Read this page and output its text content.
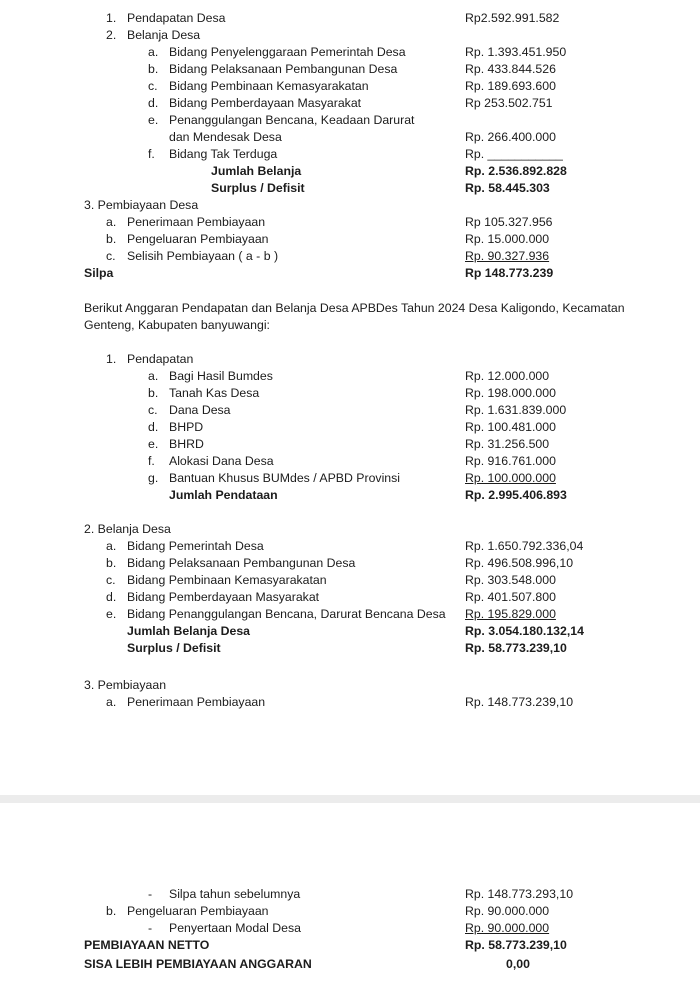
1. Pendapatan Desa	Rp2.592.991.582
2. Belanja Desa
a. Bidang Penyelenggaraan Pemerintah Desa	Rp. 1.393.451.950
b. Bidang Pelaksanaan Pembangunan Desa	Rp. 433.844.526
c. Bidang Pembinaan Kemasyarakatan	Rp. 189.693.600
d. Bidang Pemberdayaan Masyarakat	Rp 253.502.751
e. Penanggulangan Bencana, Keadaan Darurat
dan Mendesak Desa	Rp. 266.400.000
f. Bidang Tak Terduga	Rp. ___________
Jumlah Belanja	Rp. 2.536.892.828
Surplus / Defisit	Rp. 58.445.303
3. Pembiayaan Desa
a. Penerimaan Pembiayaan	Rp 105.327.956
b. Pengeluaran Pembiayaan	Rp. 15.000.000
c. Selisih Pembiayaan ( a - b )	Rp. 90.327.936
Silpa	Rp 148.773.239
Berikut Anggaran Pendapatan dan Belanja Desa APBDes Tahun 2024 Desa Kaligondo, Kecamatan Genteng, Kabupaten banyuwangi:
1. Pendapatan
a. Bagi Hasil Bumdes	Rp. 12.000.000
b. Tanah Kas Desa	Rp. 198.000.000
c. Dana Desa	Rp. 1.631.839.000
d. BHPD	Rp. 100.481.000
e. BHRD	Rp. 31.256.500
f. Alokasi Dana Desa	Rp. 916.761.000
g. Bantuan Khusus BUMdes / APBD Provinsi	Rp. 100.000.000
Jumlah Pendataan	Rp. 2.995.406.893
2. Belanja Desa
a. Bidang Pemerintah Desa	Rp. 1.650.792.336,04
b. Bidang Pelaksanaan Pembangunan Desa	Rp. 496.508.996,10
c. Bidang Pembinaan Kemasyarakatan	Rp. 303.548.000
d. Bidang Pemberdayaan Masyarakat	Rp. 401.507.800
e. Bidang Penanggulangan Bencana, Darurat Bencana Desa Rp. 195.829.000
Jumlah Belanja Desa	Rp. 3.054.180.132,14
Surplus / Defisit	Rp. 58.773.239,10
3. Pembiayaan
a. Penerimaan Pembiayaan	Rp. 148.773.239,10
- Silpa tahun sebelumnya	Rp. 148.773.293,10
b. Pengeluaran Pembiayaan	Rp. 90.000.000
- Penyertaan Modal Desa	Rp. 90.000.000
PEMBIAYAAN NETTO	Rp. 58.773.239,10
SISA LEBIH PEMBIAYAAN ANGGARAN	0,00
